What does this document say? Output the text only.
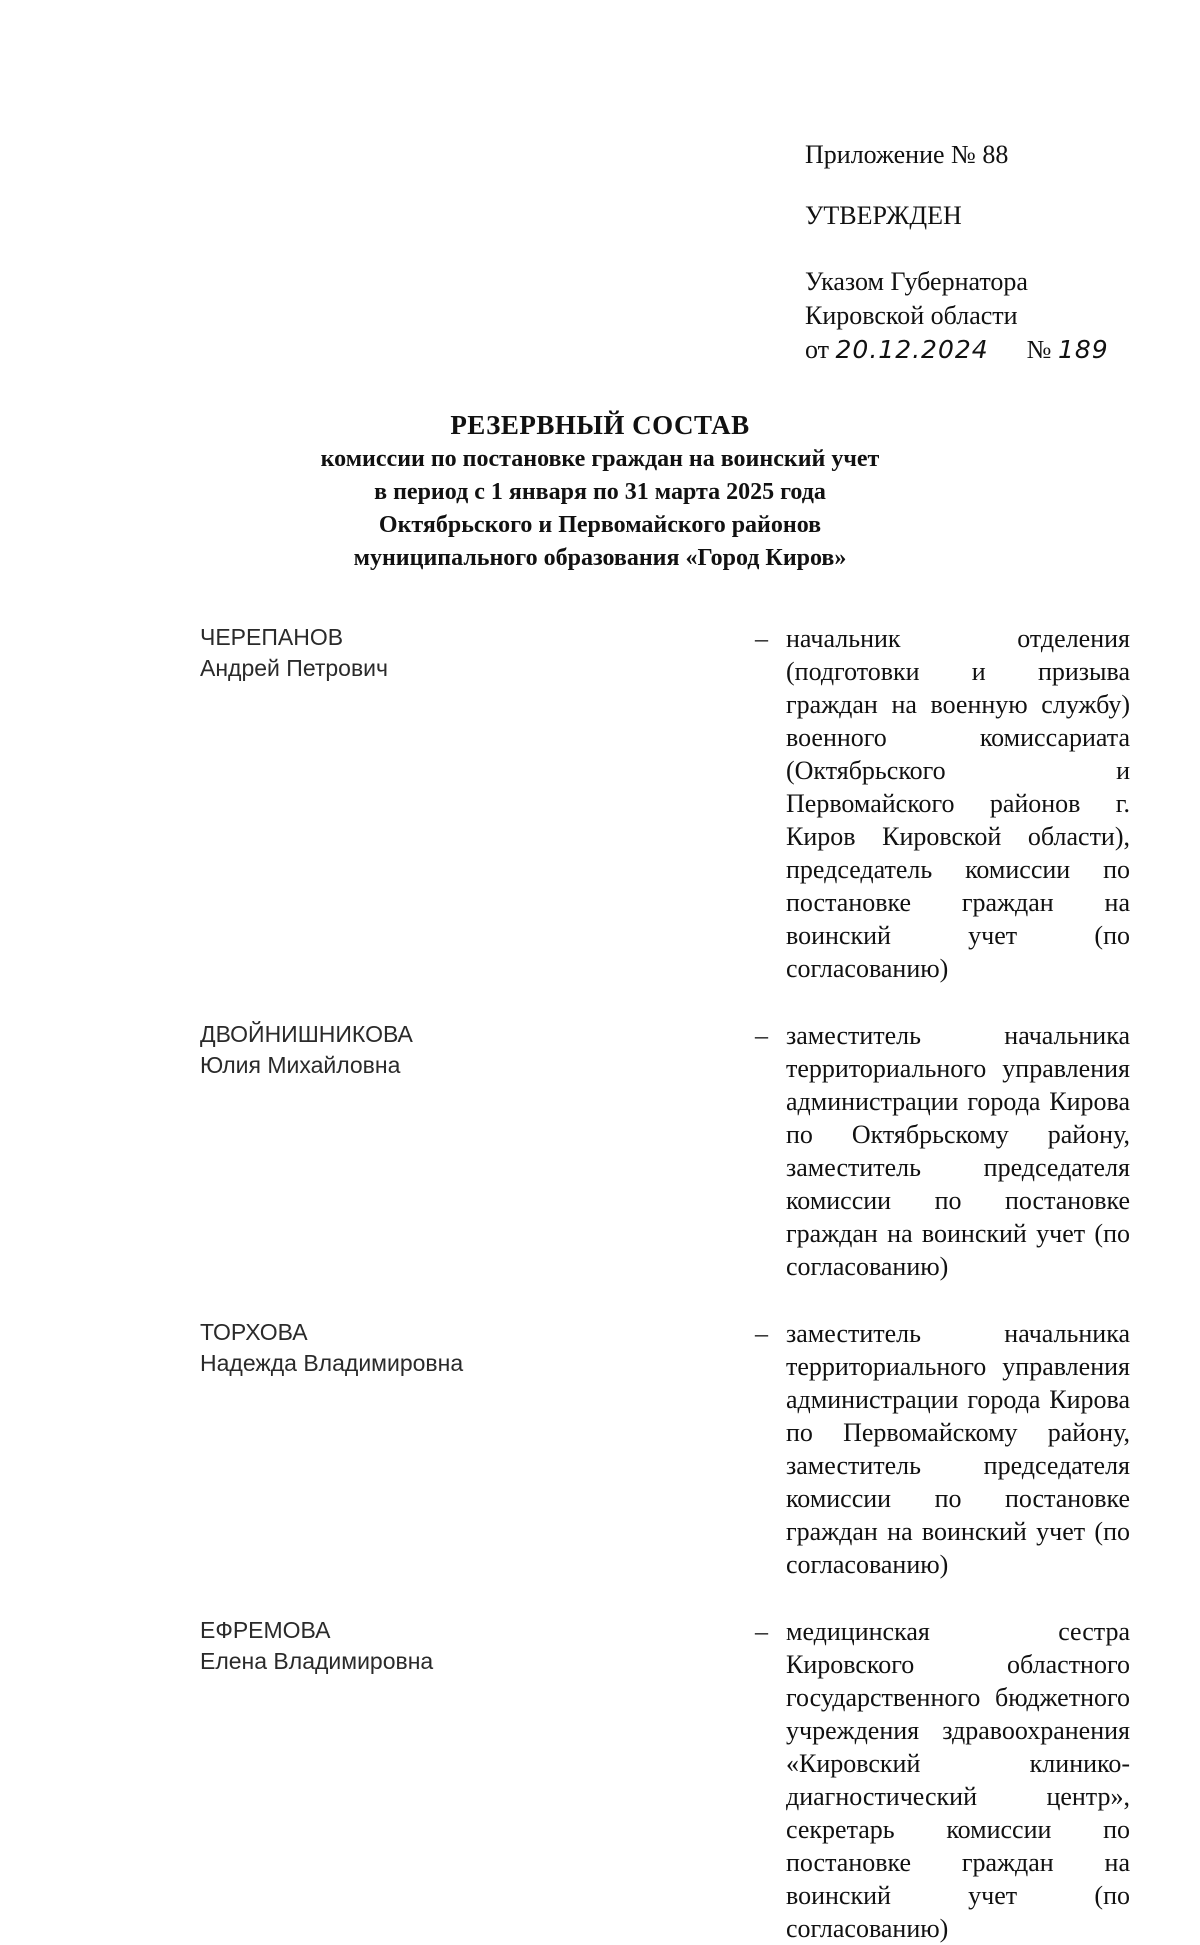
Приложение № 88
УТВЕРЖДЕН
Указом Губернатора
Кировской области
от 20.12.2024 № 189
РЕЗЕРВНЫЙ СОСТАВ
комиссии по постановке граждан на воинский учет
в период с 1 января по 31 марта 2025 года
Октябрьского и Первомайского районов
муниципального образования «Город Киров»
ЧЕРЕПАНОВ
Андрей Петрович
– начальник отделения (подготовки и призыва граждан на военную службу) военного комиссариата (Октябрьского и Первомайского районов г. Киров Кировской области), председатель комиссии по постановке граждан на воинский учет (по согласованию)
ДВОЙНИШНИКОВА
Юлия Михайловна
– заместитель начальника территориального управления администрации города Кирова по Октябрьскому району, заместитель председателя комиссии по постановке граждан на воинский учет (по согласованию)
ТОРХОВА
Надежда Владимировна
– заместитель начальника территориального управления администрации города Кирова по Первомайскому району, заместитель председателя комиссии по постановке граждан на воинский учет (по согласованию)
ЕФРЕМОВА
Елена Владимировна
– медицинская сестра Кировского областного государственного бюджетного учреждения здравоохранения «Кировский клинико-диагностический центр», секретарь комиссии по постановке граждан на воинский учет (по согласованию)
